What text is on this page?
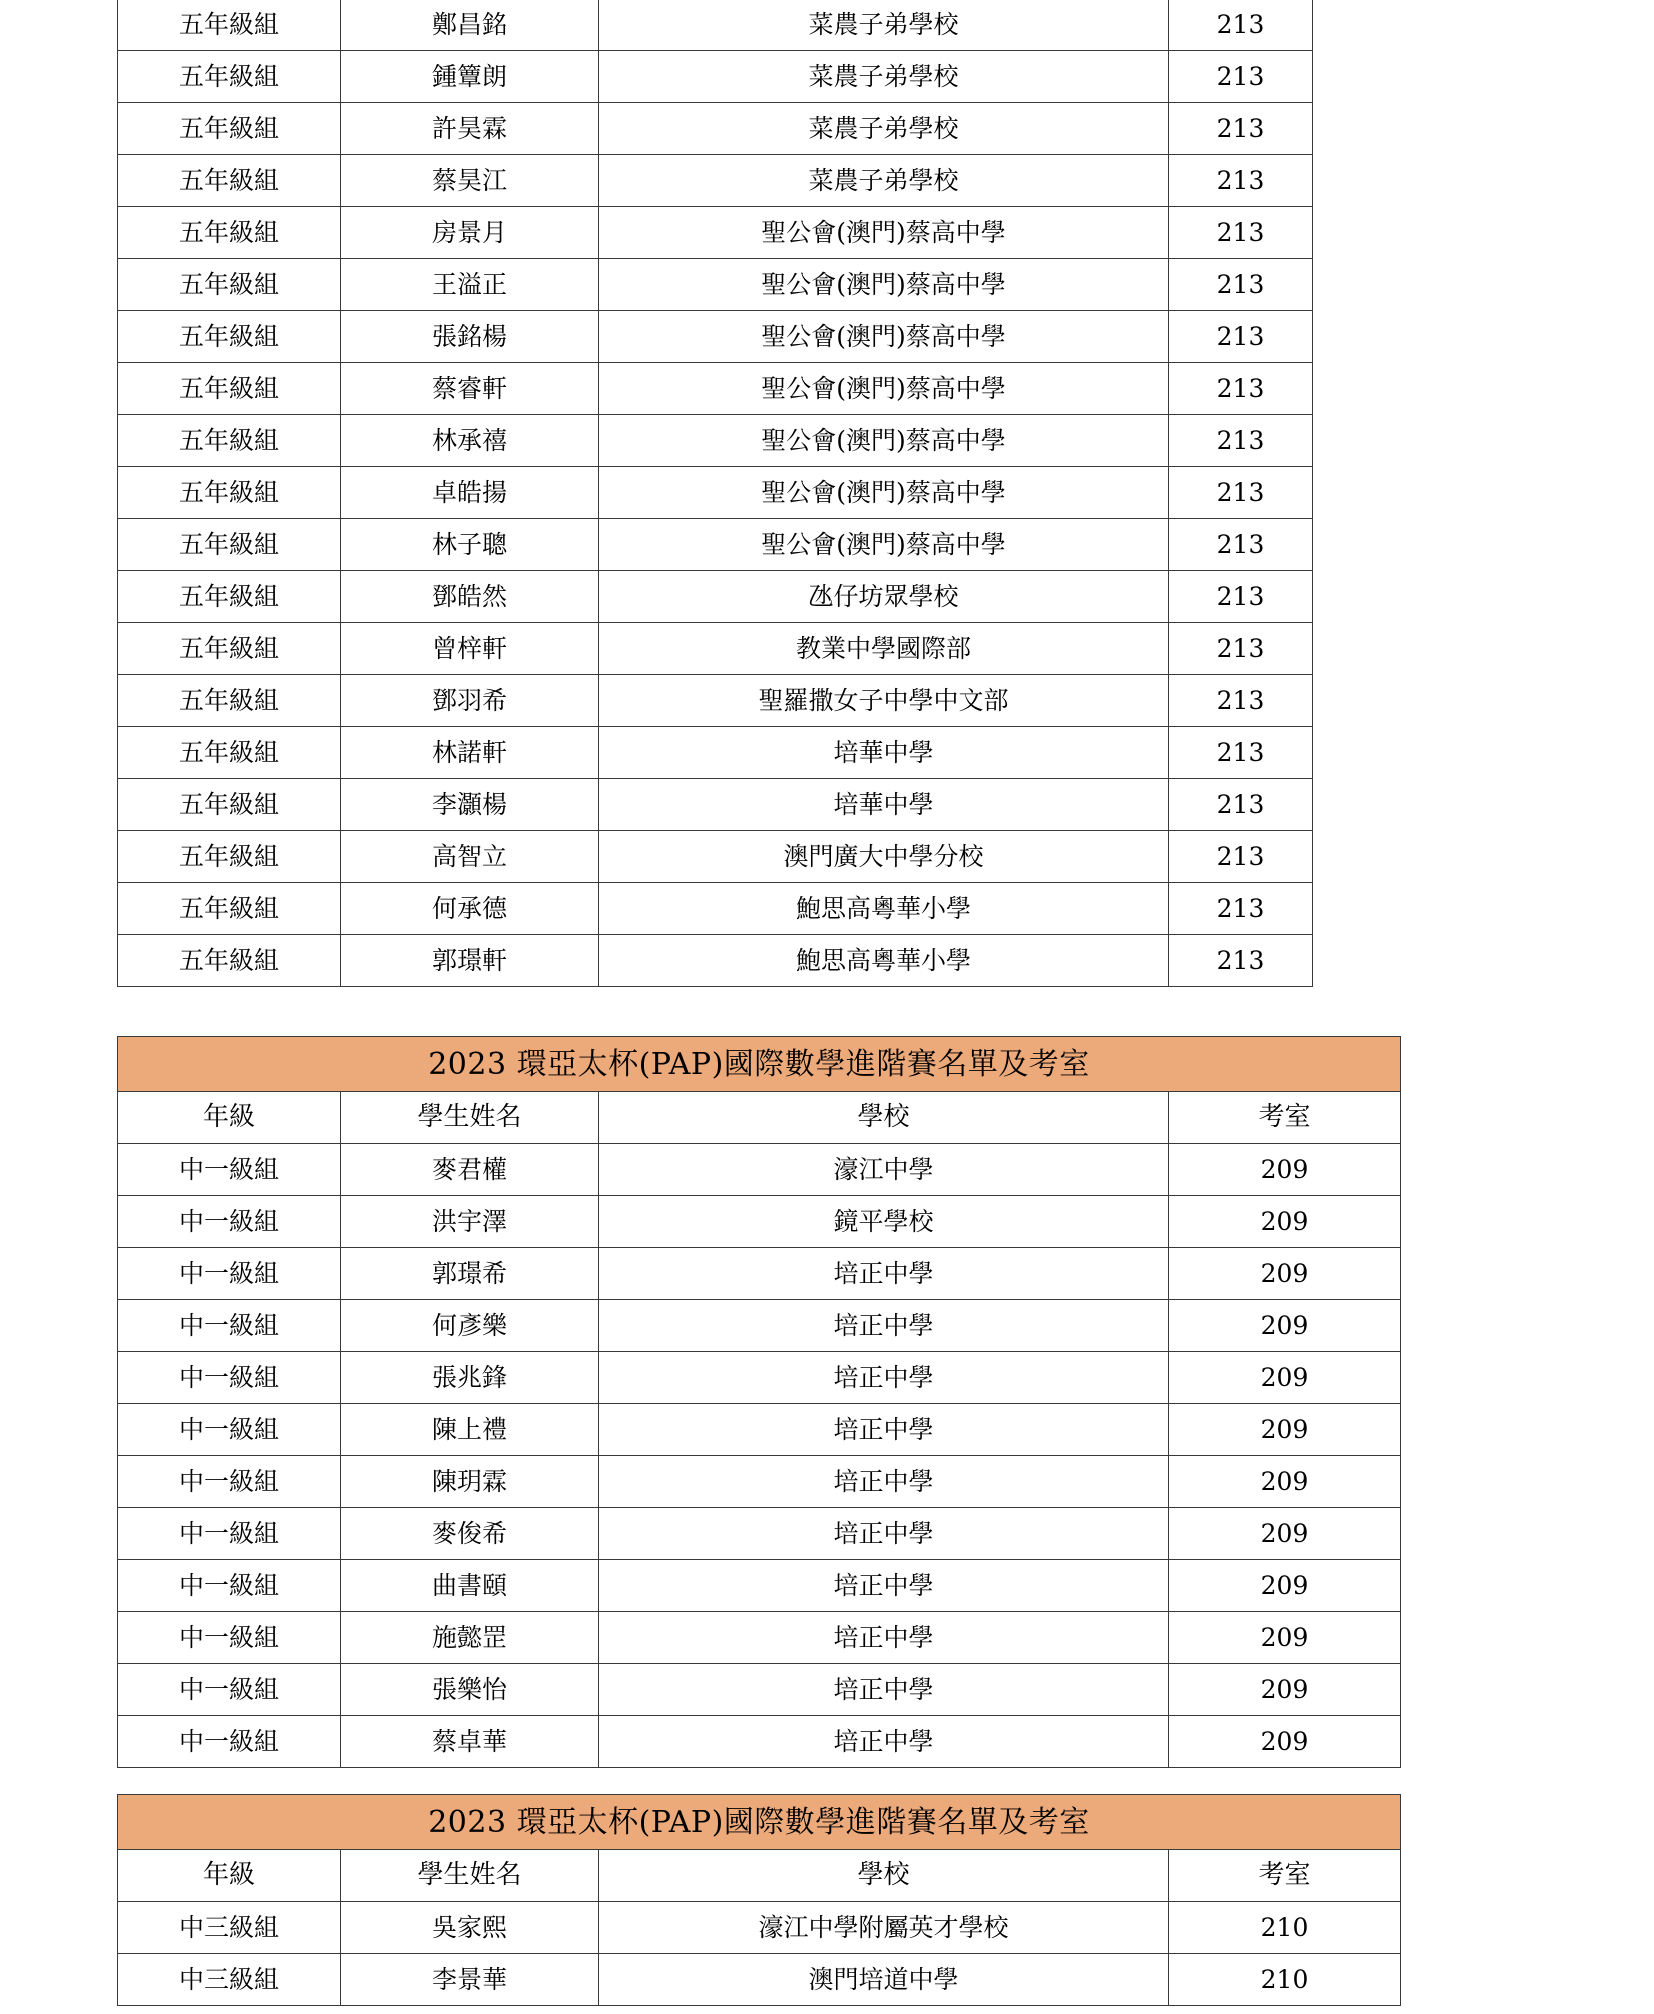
五年級組	鄭昌銘	菜農子弟學校	213
五年級組	鍾簟朗	菜農子弟學校	213
五年級組	許昊霖	菜農子弟學校	213
五年級組	蔡昊江	菜農子弟學校	213
五年級組	房景月	聖公會(澳門)蔡高中學	213
五年級組	王溢正	聖公會(澳門)蔡高中學	213
五年級組	張銘楊	聖公會(澳門)蔡高中學	213
五年級組	蔡睿軒	聖公會(澳門)蔡高中學	213
五年級組	林承禧	聖公會(澳門)蔡高中學	213
五年級組	卓皓揚	聖公會(澳門)蔡高中學	213
五年級組	林子聰	聖公會(澳門)蔡高中學	213
五年級組	鄧皓然	氹仔坊眾學校	213
五年級組	曾梓軒	教業中學國際部	213
五年級組	鄧羽希	聖羅撒女子中學中文部	213
五年級組	林諾軒	培華中學	213
五年級組	李灝楊	培華中學	213
五年級組	高智立	澳門廣大中學分校	213
五年級組	何承德	鮑思高粵華小學	213
五年級組	郭璟軒	鮑思高粵華小學	213
2023 環亞太杯(PAP)國際數學進階賽名單及考室			
年級	學生姓名	學校	考室
中一級組	麥君權	濠江中學	209
中一級組	洪宇澤	鏡平學校	209
中一級組	郭璟希	培正中學	209
中一級組	何彥樂	培正中學	209
中一級組	張兆鋒	培正中學	209
中一級組	陳上禮	培正中學	209
中一級組	陳玥霖	培正中學	209
中一級組	麥俊希	培正中學	209
中一級組	曲書頤	培正中學	209
中一級組	施懿罡	培正中學	209
中一級組	張樂怡	培正中學	209
中一級組	蔡卓華	培正中學	209
2023 環亞太杯(PAP)國際數學進階賽名單及考室			
年級	學生姓名	學校	考室
中三級組	吳家熙	濠江中學附屬英才學校	210
中三級組	李景華	澳門培道中學	210
